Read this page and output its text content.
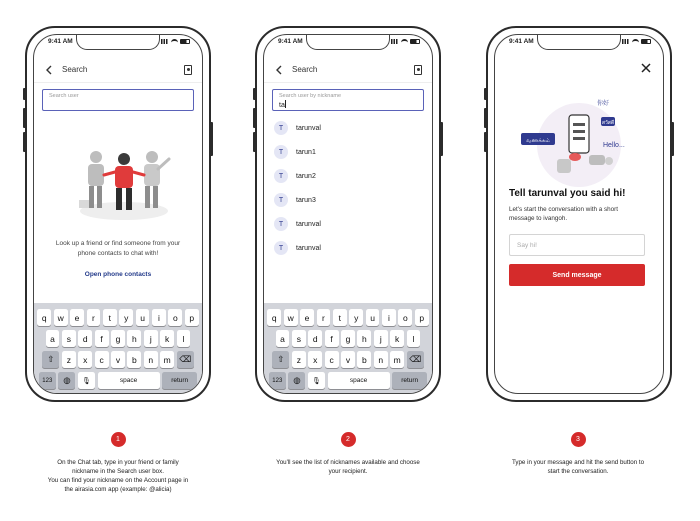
9:41 AM
Search
Search user
Look up a friend or find someone from your phone contacts to chat with!
Open phone contacts
q	w	e	r	t	y	u	i	o	p
a	s	d	f	g	h	j	k	l
⇧	z	x	c	v	b	n	m ⌫
123	◍ 🎙	space	return
9:41 AM
Search
Search user by nickname
ta
T	tarunval
T	tarun1
T	tarun2
T	tarun3
T	tarunval
T	tarunval
q	w	e	r	t	y	u	i	o	p
a	s	d	f	g	h	j	k	l
⇧	z	x	c	v	b	n	m ⌫
123	◍ 🎙	space	return
9:41 AM
வணக்கம்
สวัสดี
你好
Hello...
Tell tarunval you said hi!
Let's start the conversation with a short message to ivangoh.
Say hi!
Send message
1
On the Chat tab, type in your friend or family
nickname in the Search user box.
You can find your nickname on the Account page in
the airasia.com app (example: @alicia)
2
You'll see the list of nicknames available and choose
your recipient.
3
Type in your message and hit the send button to
start the conversation.
